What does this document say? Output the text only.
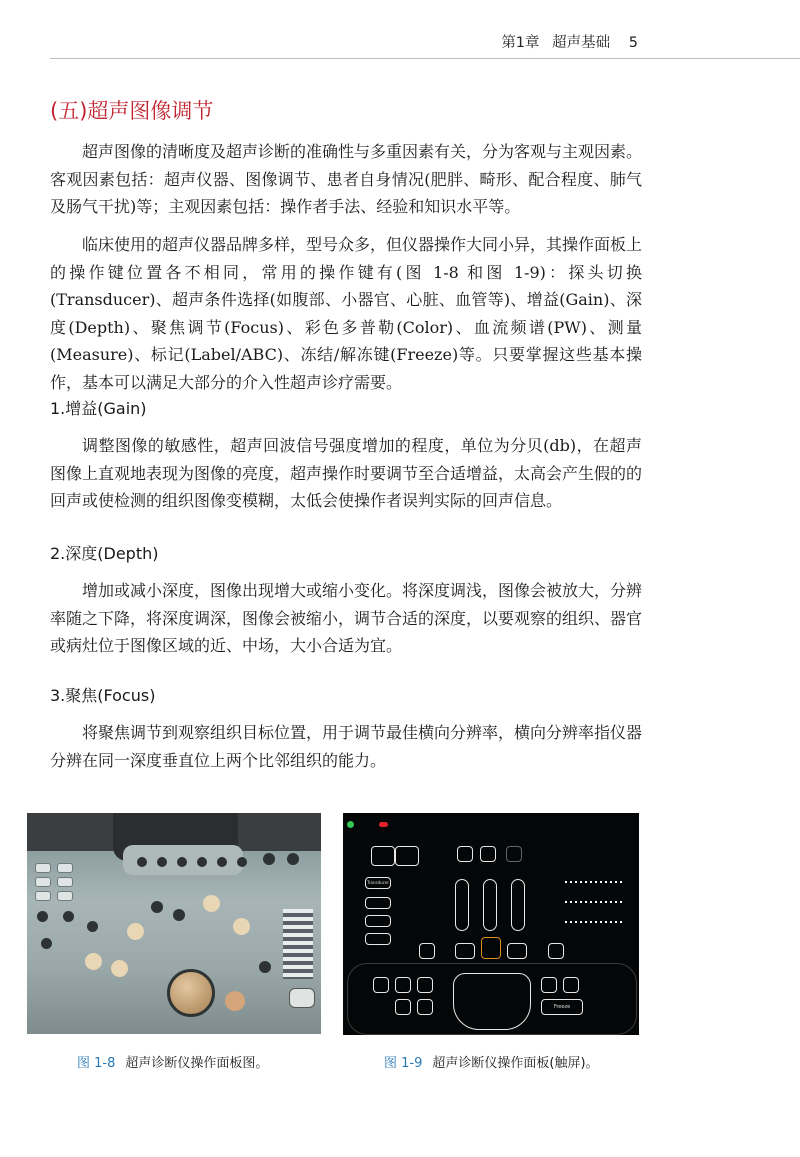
第1章 超声基础 5
(五)超声图像调节

超声图像的清晰度及超声诊断的准确性与多重因素有关，分为客观与主观因素。客观因素包括：超声仪器、图像调节、患者自身情况(肥胖、畸形、配合程度、肺气及肠气干扰)等；主观因素包括：操作者手法、经验和知识水平等。

临床使用的超声仪器品牌多样，型号众多，但仪器操作大同小异，其操作面板上的操作键位置各不相同，常用的操作键有(图 1-8 和图 1-9)：探头切换(Transducer)、超声条件选择(如腹部、小器官、心脏、血管等)、增益(Gain)、深度(Depth)、聚焦调节(Focus)、彩色多普勒(Color)、血流频谱(PW)、测量(Measure)、标记(Label/ABC)、冻结/解冻键(Freeze)等。只要掌握这些基本操作，基本可以满足大部分的介入性超声诊疗需要。

1.增益(Gain)

调整图像的敏感性，超声回波信号强度增加的程度，单位为分贝(db)，在超声图像上直观地表现为图像的亮度，超声操作时要调节至合适增益，太高会产生假的的回声或使检测的组织图像变模糊，太低会使操作者误判实际的回声信息。

2.深度(Depth)

增加或减小深度，图像出现增大或缩小变化。将深度调浅，图像会被放大，分辨率随之下降，将深度调深，图像会被缩小，调节合适的深度，以要观察的组织、器官或病灶位于图像区域的近、中场，大小合适为宜。

3.聚焦(Focus)

将聚焦调节到观察组织目标位置，用于调节最佳横向分辨率，横向分辨率指仪器分辨在同一深度垂直位上两个比邻组织的能力。

Transducer
Freeze
图 1-8 超声诊断仪操作面板图。	图 1-9 超声诊断仪操作面板(触屏)。
